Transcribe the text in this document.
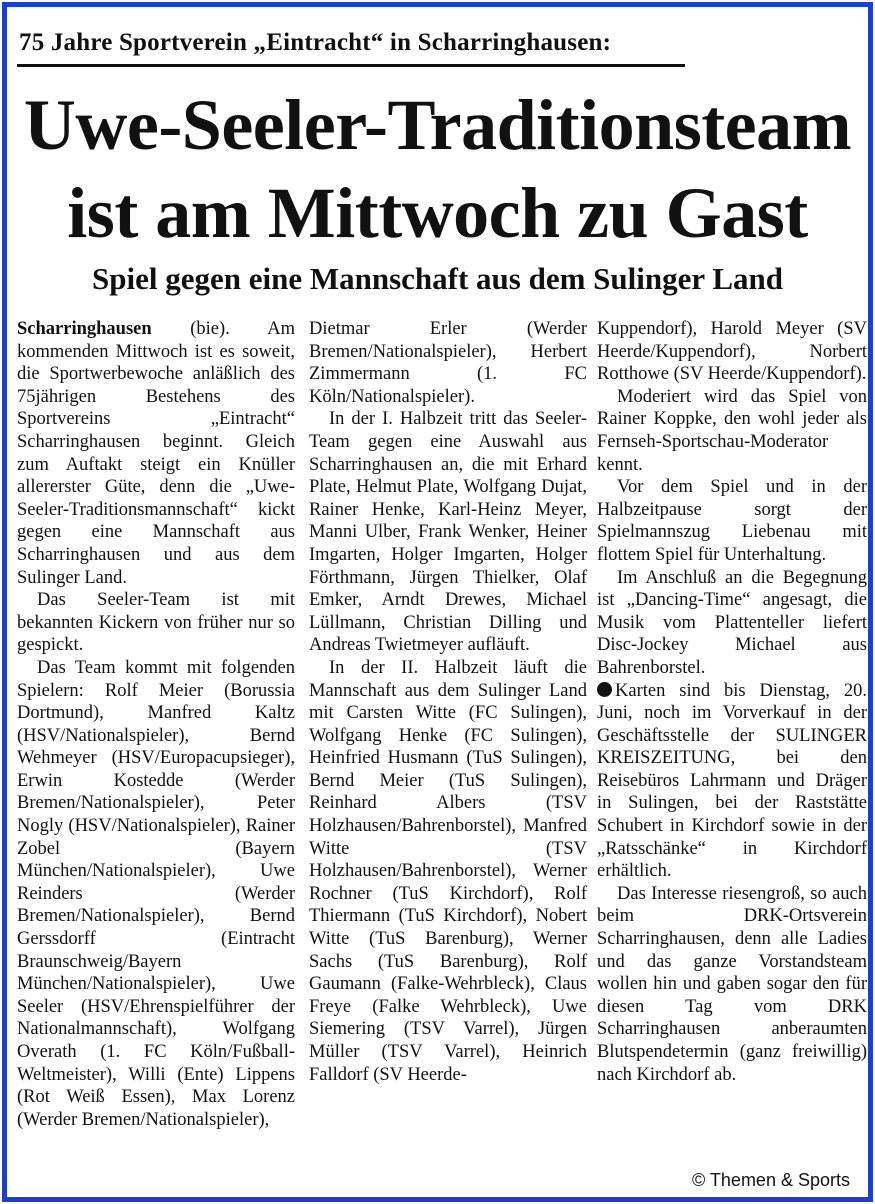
75 Jahre Sportverein „Eintracht“ in Scharringhausen:
Uwe-Seeler-Traditionsteam
ist am Mittwoch zu Gast
Spiel gegen eine Mannschaft aus dem Sulinger Land

Scharringhausen (bie). Am kommenden Mittwoch ist es soweit, die Sportwerbewoche anläßlich des 75jährigen Bestehens des Sportvereins „Eintracht“ Scharringhausen beginnt. Gleich zum Auftakt steigt ein Knüller allererster Güte, denn die „Uwe-Seeler-Traditionsmannschaft“ kickt gegen eine Mannschaft aus Scharringhausen und aus dem Sulinger Land.

Das Seeler-Team ist mit bekannten Kickern von früher nur so gespickt.

Das Team kommt mit folgenden Spielern: Rolf Meier (Borussia Dortmund), Manfred Kaltz (HSV/Nationalspieler), Bernd Wehmeyer (HSV/Europacupsieger), Erwin Kostedde (Werder Bremen/Nationalspieler), Peter Nogly (HSV/Nationalspieler), Rainer Zobel (Bayern München/Nationalspieler), Uwe Reinders (Werder Bremen/Nationalspieler), Bernd Gerssdorff (Eintracht Braunschweig/Bayern München/Nationalspieler), Uwe Seeler (HSV/Ehrenspielführer der Nationalmannschaft), Wolfgang Overath (1. FC Köln/Fußball-Weltmeister), Willi (Ente) Lippens (Rot Weiß Essen), Max Lorenz (Werder Bremen/Nationalspieler),

Dietmar Erler (Werder Bremen/Nationalspieler), Herbert Zimmermann (1. FC Köln/Nationalspieler).

In der I. Halbzeit tritt das Seeler-Team gegen eine Auswahl aus Scharringhausen an, die mit Erhard Plate, Helmut Plate, Wolfgang Dujat, Rainer Henke, Karl-Heinz Meyer, Manni Ulber, Frank Wenker, Heiner Imgarten, Holger Imgarten, Holger Förthmann, Jürgen Thielker, Olaf Emker, Arndt Drewes, Michael Lüllmann, Christian Dilling und Andreas Twietmeyer aufläuft.

In der II. Halbzeit läuft die Mannschaft aus dem Sulinger Land mit Carsten Witte (FC Sulingen), Wolfgang Henke (FC Sulingen), Heinfried Husmann (TuS Sulingen), Bernd Meier (TuS Sulingen), Reinhard Albers (TSV Holzhausen/Bahrenborstel), Manfred Witte (TSV Holzhausen/Bahrenborstel), Werner Rochner (TuS Kirchdorf), Rolf Thiermann (TuS Kirchdorf), Nobert Witte (TuS Barenburg), Werner Sachs (TuS Barenburg), Rolf Gaumann (Falke-Wehrbleck), Claus Freye (Falke Wehrbleck), Uwe Siemering (TSV Varrel), Jürgen Müller (TSV Varrel), Heinrich Falldorf (SV Heerde-

Kuppendorf), Harold Meyer (SV Heerde/Kuppendorf), Norbert Rotthowe (SV Heerde/Kuppendorf).

Moderiert wird das Spiel von Rainer Koppke, den wohl jeder als Fernseh-Sportschau-Moderator kennt.

Vor dem Spiel und in der Halbzeitpause sorgt der Spielmannszug Liebenau mit flottem Spiel für Unterhaltung.

Im Anschluß an die Begegnung ist „Dancing-Time“ angesagt, die Musik vom Plattenteller liefert Disc-Jockey Michael aus Bahrenborstel.

Karten sind bis Dienstag, 20. Juni, noch im Vorverkauf in der Geschäftsstelle der SULINGER KREISZEITUNG, bei den Reisebüros Lahrmann und Dräger in Sulingen, bei der Raststätte Schubert in Kirchdorf sowie in der „Ratsschänke“ in Kirchdorf erhältlich.

Das Interesse riesengroß, so auch beim DRK-Ortsverein Scharringhausen, denn alle Ladies und das ganze Vorstandsteam wollen hin und gaben sogar den für diesen Tag vom DRK Scharringhausen anberaumten Blutspendetermin (ganz freiwillig) nach Kirchdorf ab.

© Themen & Sports
